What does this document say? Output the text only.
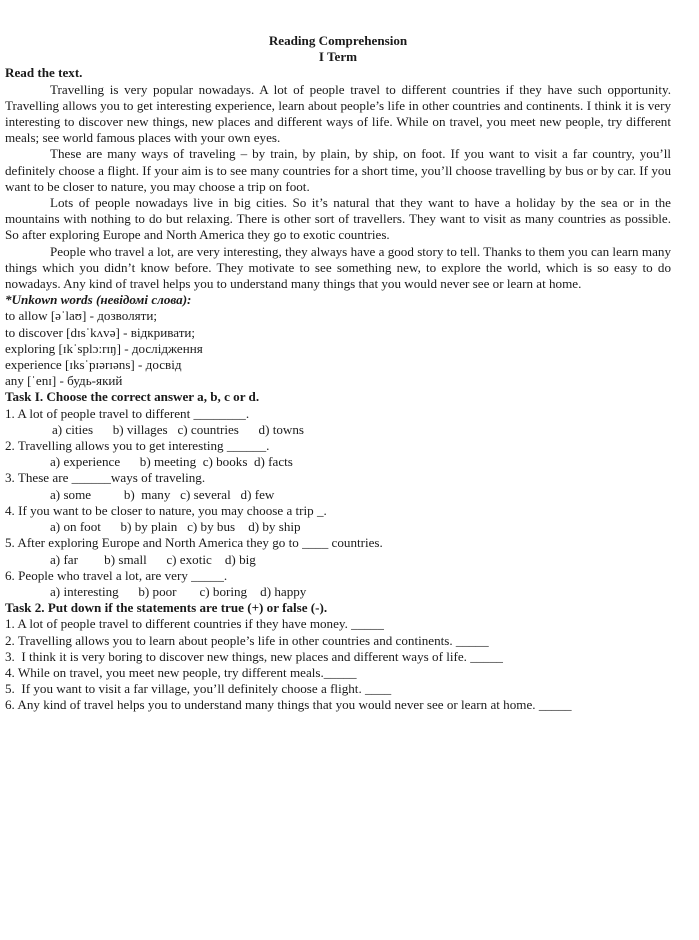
Reading Comprehension

I Term

Read the text.

Travelling is very popular nowadays. A lot of people travel to different countries if they have such opportunity. Travelling allows you to get interesting experience, learn about people’s life in other countries and continents. I think it is very interesting to discover new things, new places and different ways of life. While on travel, you meet new people, try different meals; see world famous places with your own eyes.

These are many ways of traveling – by train, by plain, by ship, on foot. If you want to visit a far country, you’ll definitely choose a flight. If your aim is to see many countries for a short time, you’ll choose travelling by bus or by car. If you want to be closer to nature, you may choose a trip on foot.

Lots of people nowadays live in big cities. So it’s natural that they want to have a holiday by the sea or in the mountains with nothing to do but relaxing. There is other sort of travellers. They want to visit as many countries as possible. So after exploring Europe and North America they go to exotic countries.

People who travel a lot, are very interesting, they always have a good story to tell. Thanks to them you can learn many things which you didn’t know before. They motivate to see something new, to explore the world, which is so easy to do nowadays. Any kind of travel helps you to understand many things that you would never see or learn at home.

*Unkown words (невідомі слова):

to allow [əˈlaʊ] - дозволяти;

to discover [dɪsˈkʌvə] - відкривати;

exploring [ɪkˈsplɔ:rɪŋ] - дослідження

experience [ɪksˈpɪərɪəns] - досвід

any [ˈenɪ] - будь-який

Task I. Choose the correct answer a, b, c or d.

1. A lot of people travel to different ________.

a) cities      b) villages   c) countries      d) towns

2. Travelling allows you to get interesting ______.

a) experience      b) meeting  c) books  d) facts

3. These are ______ways of traveling.

a) some          b)  many   c) several   d) few

4. If you want to be closer to nature, you may choose a trip _.

a) on foot      b) by plain   c) by bus    d) by ship

5. After exploring Europe and North America they go to ____ countries.

a) far        b) small      c) exotic    d) big

6. People who travel a lot, are very _____.

a) interesting      b) poor       c) boring    d) happy

Task 2. Put down if the statements are true (+) or false (-).

1. A lot of people travel to different countries if they have money. _____

2. Travelling allows you to learn about people’s life in other countries and continents. _____

3.  I think it is very boring to discover new things, new places and different ways of life. _____

4. While on travel, you meet new people, try different meals._____

5.  If you want to visit a far village, you’ll definitely choose a flight. ____

6. Any kind of travel helps you to understand many things that you would never see or learn at home. _____
